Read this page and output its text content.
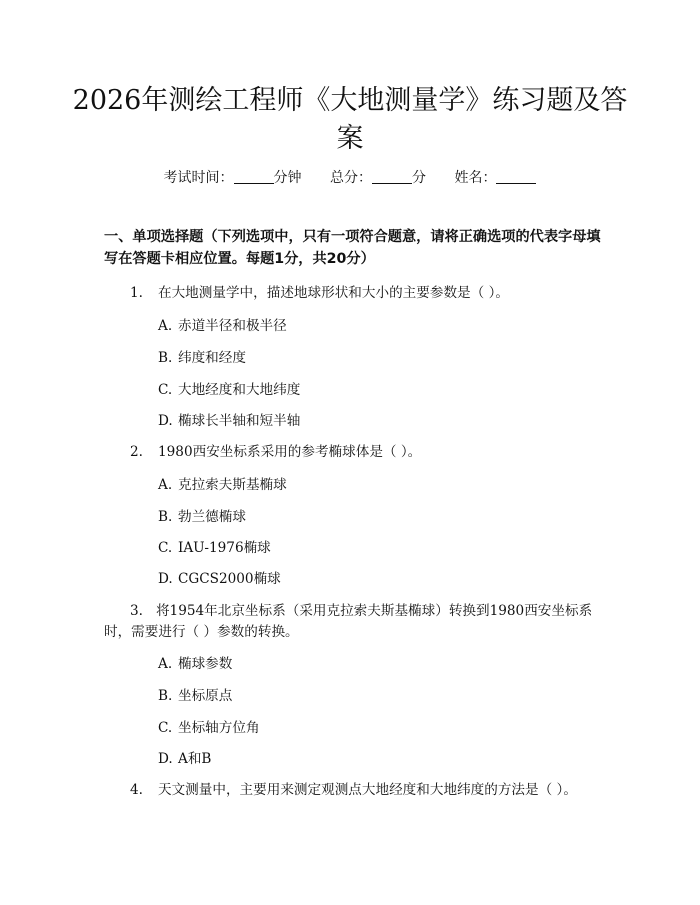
2026年测绘工程师《大地测量学》练习题及答案
考试时间：	分钟 总分：	分 姓名：

一、单项选择题（下列选项中，只有一项符合题意，请将正确选项的代表字母填写在答题卡相应位置。每题1分，共20分）

1.	在大地测量学中，描述地球形状和大小的主要参数是（ ）。
A. 赤道半径和极半径
B. 纬度和经度
C. 大地经度和大地纬度
D. 椭球长半轴和短半轴
2.	1980西安坐标系采用的参考椭球体是（ ）。
A. 克拉索夫斯基椭球
B. 勃兰德椭球
C. IAU-1976椭球
D. CGCS2000椭球
3. 将1954年北京坐标系（采用克拉索夫斯基椭球）转换到1980西安坐标系时，需要进行（ ）参数的转换。
A. 椭球参数
B. 坐标原点
C. 坐标轴方位角
D. A和B
4.	天文测量中，主要用来测定观测点大地经度和大地纬度的方法是（ ）。
